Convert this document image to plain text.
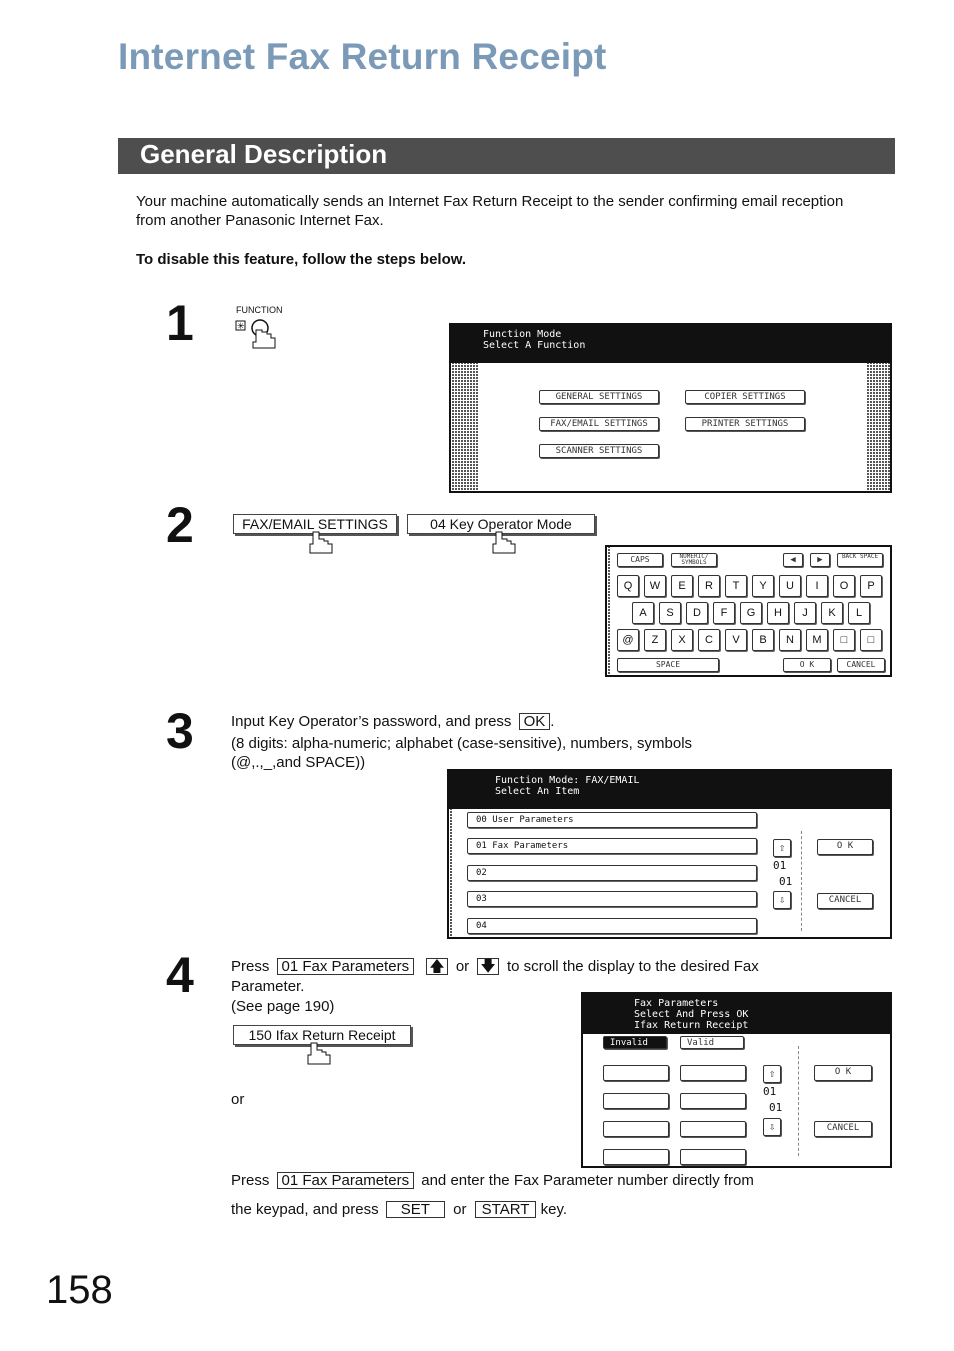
Internet Fax Return Receipt
General Description
Your machine automatically sends an Internet Fax Return Receipt to the sender confirming email reception
from another Panasonic Internet Fax.
To disable this feature, follow the steps below.
1	FUNCTION
✳
Function Mode
Select A Function
GENERAL SETTINGS	COPIER SETTINGS
FAX/EMAIL SETTINGS	PRINTER SETTINGS
SCANNER SETTINGS
2	FAX/EMAIL SETTINGS	04 Key Operator Mode
CAPS	NUMERIC/ SYMBOLS	◀	▶	BACK SPACE
Q	W	E	R	T	Y	U	I	O	P
A	S	D	F	G	H	J	K	L
@	Z	X	C	V	B	N	M	□	□
SPACE	O K	CANCEL
3 Input Key Operator’s password, and press OK .
(8 digits: alpha-numeric; alphabet (case-sensitive), numbers, symbols
(@,.,_,and SPACE))
Function Mode: FAX/EMAIL
Select An Item
00 User Parameters
01 Fax Parameters
02
03
04
⇧
01
01
⇩
O K
CANCEL
4 Press 01 Fax Parameters 🡅 or 🡇 to scroll the display to the desired Fax
Parameter.
(See page 190)
150 Ifax Return Receipt
or
Fax Parameters
Select And Press OK
Ifax Return Receipt
Invalid	Valid
⇧
01
01
⇩
O K
CANCEL
Press 01 Fax Parameters and enter the Fax Parameter number directly from
the keypad, and press SET or START key.
158
